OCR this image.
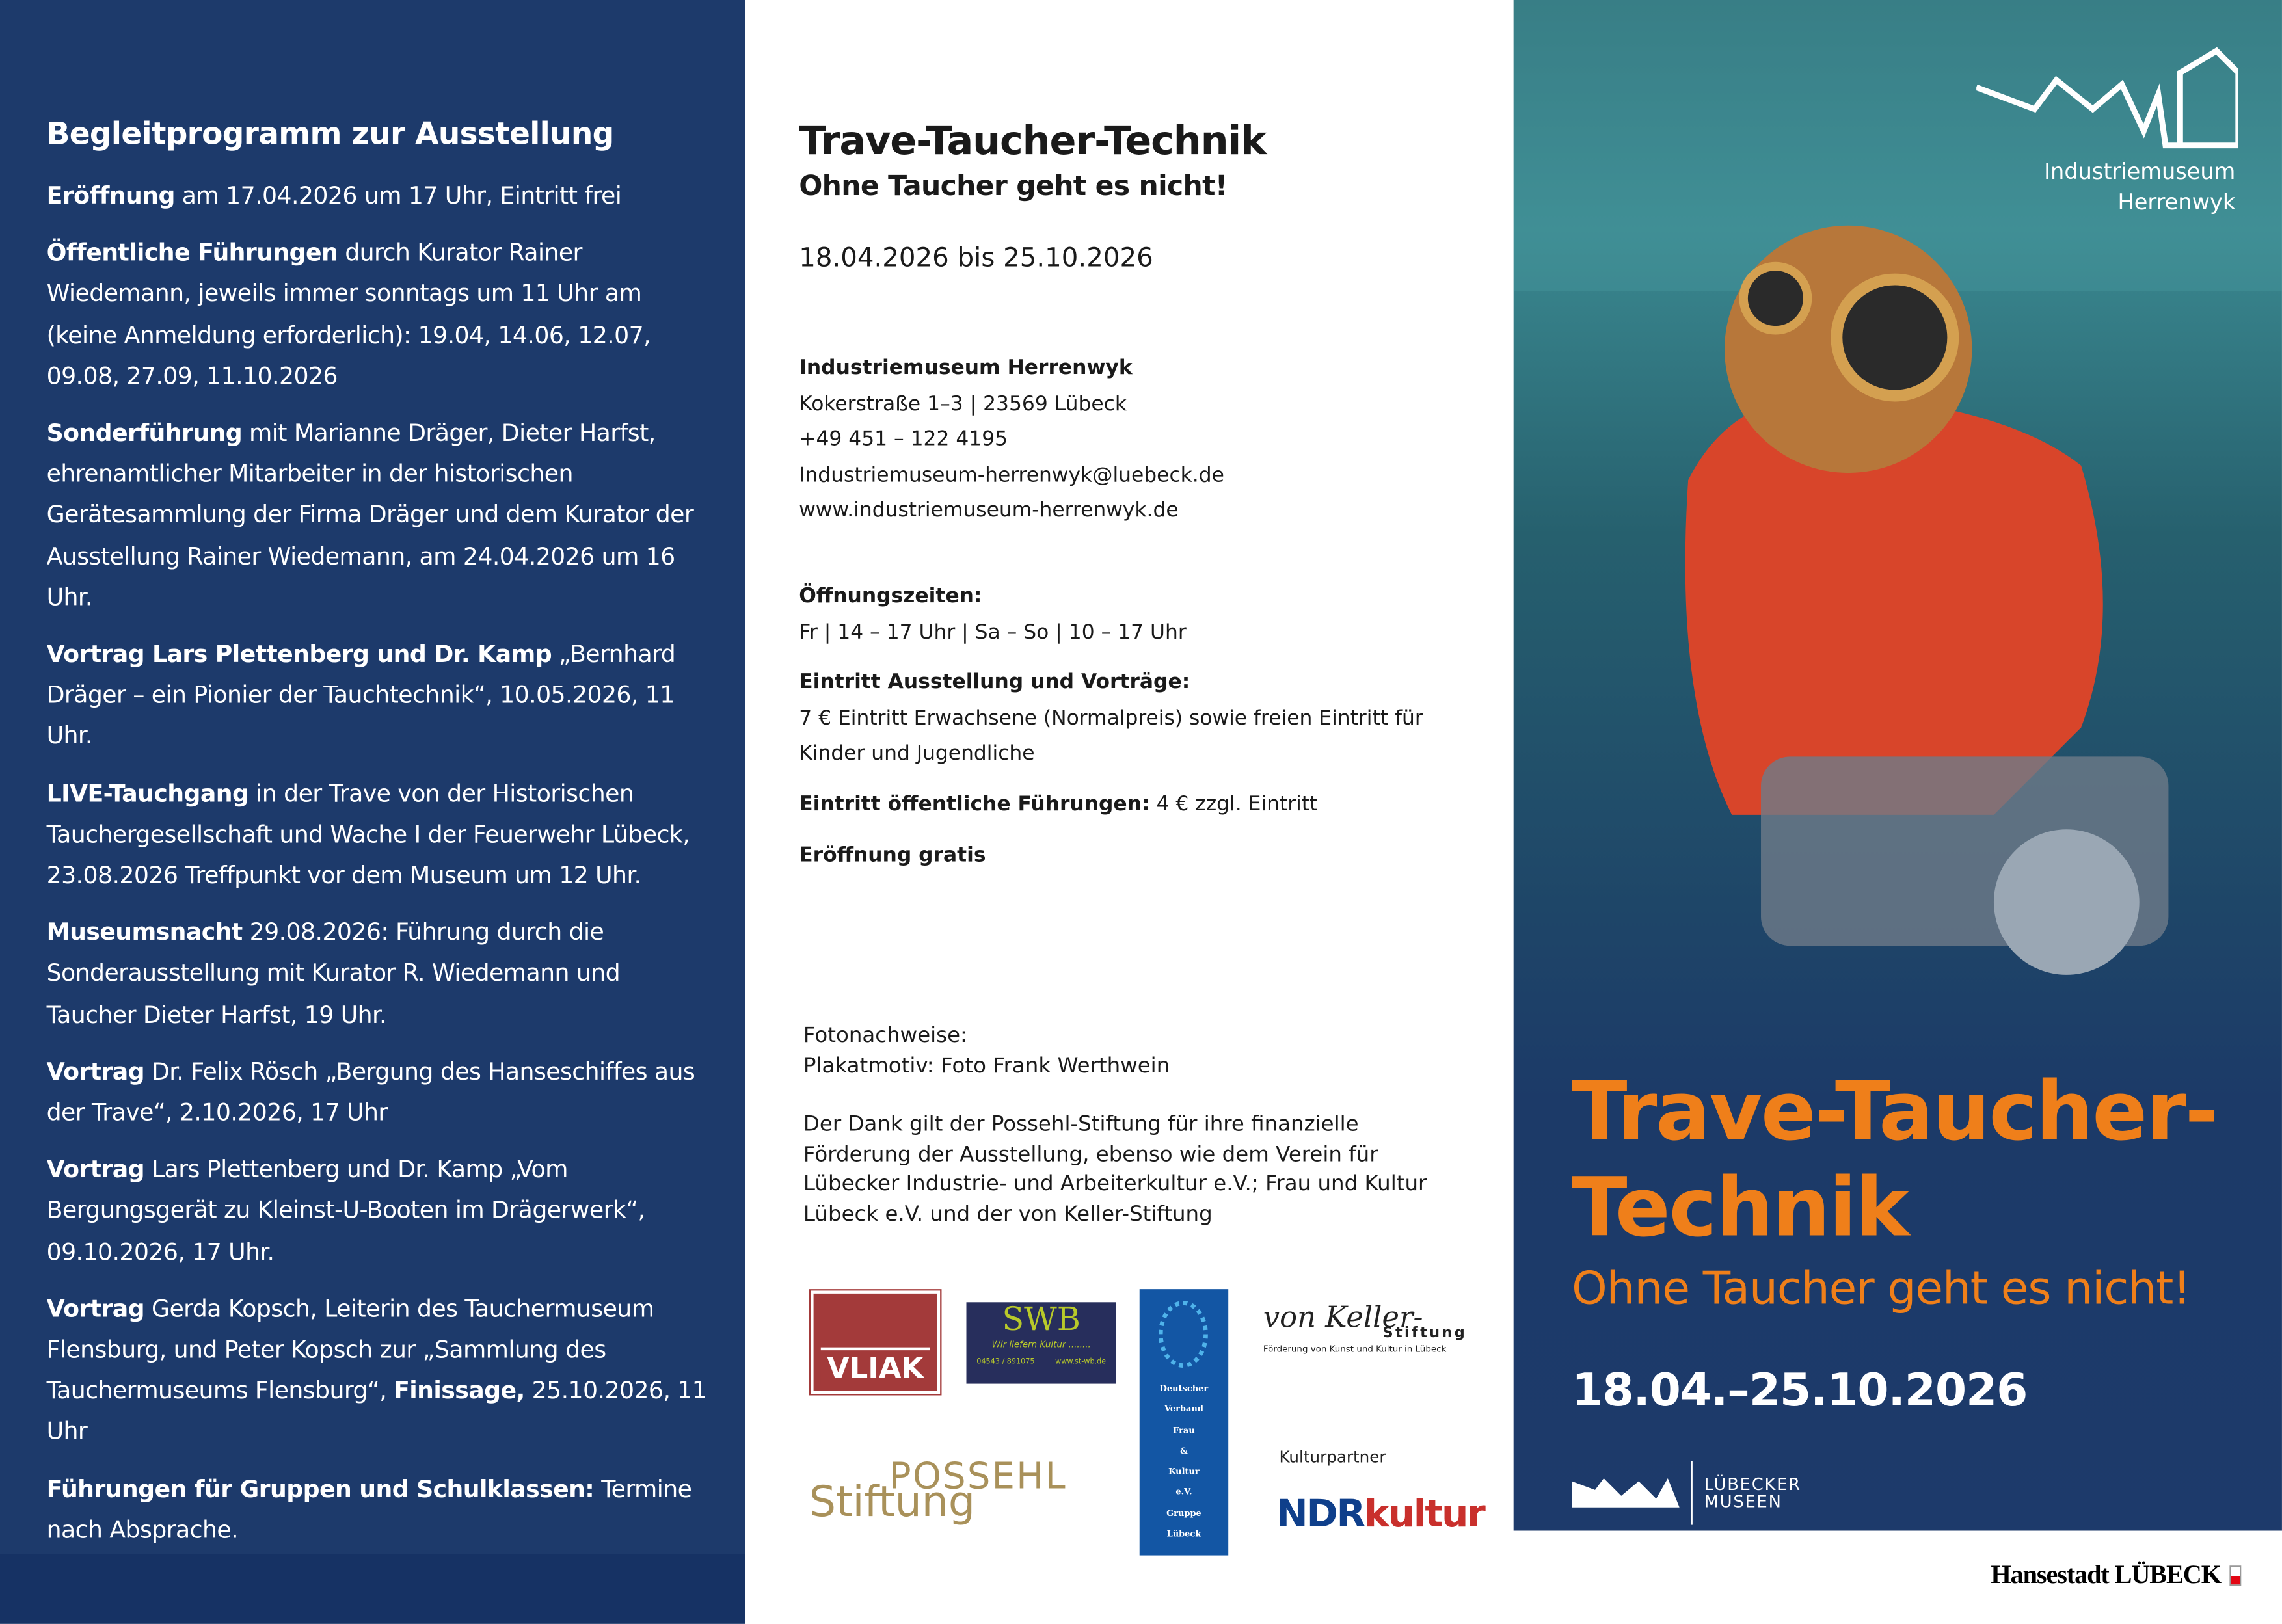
Begleitprogramm zur Ausstellung

Eröffnung am 17.04.2026 um 17 Uhr, Eintritt frei

Öffentliche Führungen durch Kurator Rainer Wiedemann, jeweils immer sonntags um 11 Uhr am (keine Anmeldung erforderlich): 19.04, 14.06, 12.07, 09.08, 27.09, 11.10.2026

Sonderführung mit Marianne Dräger, Dieter Harfst, ehrenamtlicher Mitarbeiter in der historischen Gerätesammlung der Firma Dräger und dem Kurator der Ausstellung Rainer Wiedemann, am 24.04.2026 um 16 Uhr.

Vortrag Lars Plettenberg und Dr. Kamp „Bernhard Dräger – ein Pionier der Tauchtechnik“, 10.05.2026, 11 Uhr.

LIVE-Tauchgang in der Trave von der Historischen Tauchergesellschaft und Wache I der Feuerwehr Lübeck, 23.08.2026 Treffpunkt vor dem Museum um 12 Uhr.

Museumsnacht 29.08.2026: Führung durch die Sonderausstellung mit Kurator R. Wiedemann und Taucher Dieter Harfst, 19 Uhr.

Vortrag Dr. Felix Rösch „Bergung des Hanseschiffes aus der Trave“, 2.10.2026, 17 Uhr

Vortrag Lars Plettenberg und Dr. Kamp „Vom Bergungsgerät zu Kleinst-U-Booten im Drägerwerk“, 09.10.2026, 17 Uhr.

Vortrag Gerda Kopsch, Leiterin des Tauchermuseum Flensburg, und Peter Kopsch zur „Sammlung des Tauchermuseums Flensburg“, Finissage, 25.10.2026, 11 Uhr

Führungen für Gruppen und Schulklassen: Termine nach Absprache.

Trave-Taucher-Technik
Ohne Taucher geht es nicht!
18.04.2026 bis 25.10.2026
Industriemuseum Herrenwyk
Kokerstraße 1–3 | 23569 Lübeck
+49 451 – 122 4195
Industriemuseum-herrenwyk@luebeck.de
www.industriemuseum-herrenwyk.de
Öffnungszeiten:
Fr | 14 – 17 Uhr | Sa – So | 10 – 17 Uhr
Eintritt Ausstellung und Vorträge:
7 € Eintritt Erwachsene (Normalpreis) sowie freien Eintritt für Kinder und Jugendliche
Eintritt öffentliche Führungen: 4 € zzgl. Eintritt
Eröffnung gratis
Fotonachweise:
Plakatmotiv: Foto Frank Werthwein
Der Dank gilt der Possehl-Stiftung für ihre finanzielle Förderung der Ausstellung, ebenso wie dem Verein für Lübecker Industrie- und Arbeiterkultur e.V.; Frau und Kultur Lübeck e.V. und der von Keller-Stiftung
VLIAK
SWB
Wir liefern Kultur ........
04543 / 891075	www.st-wb.de
Deutscher
Verband
Frau
&
Kultur
e.V.
Gruppe
Lübeck
von Keller-
Stiftung
Förderung von Kunst und Kultur in Lübeck
POSSEHL
Stiftung
Kulturpartner
NDRkultur
Industriemuseum
Herrenwyk
Trave-Taucher-
Technik
Ohne Taucher geht es nicht!
18.04.–25.10.2026
LÜBECKER
MUSEEN
Hansestadt LÜBECK
